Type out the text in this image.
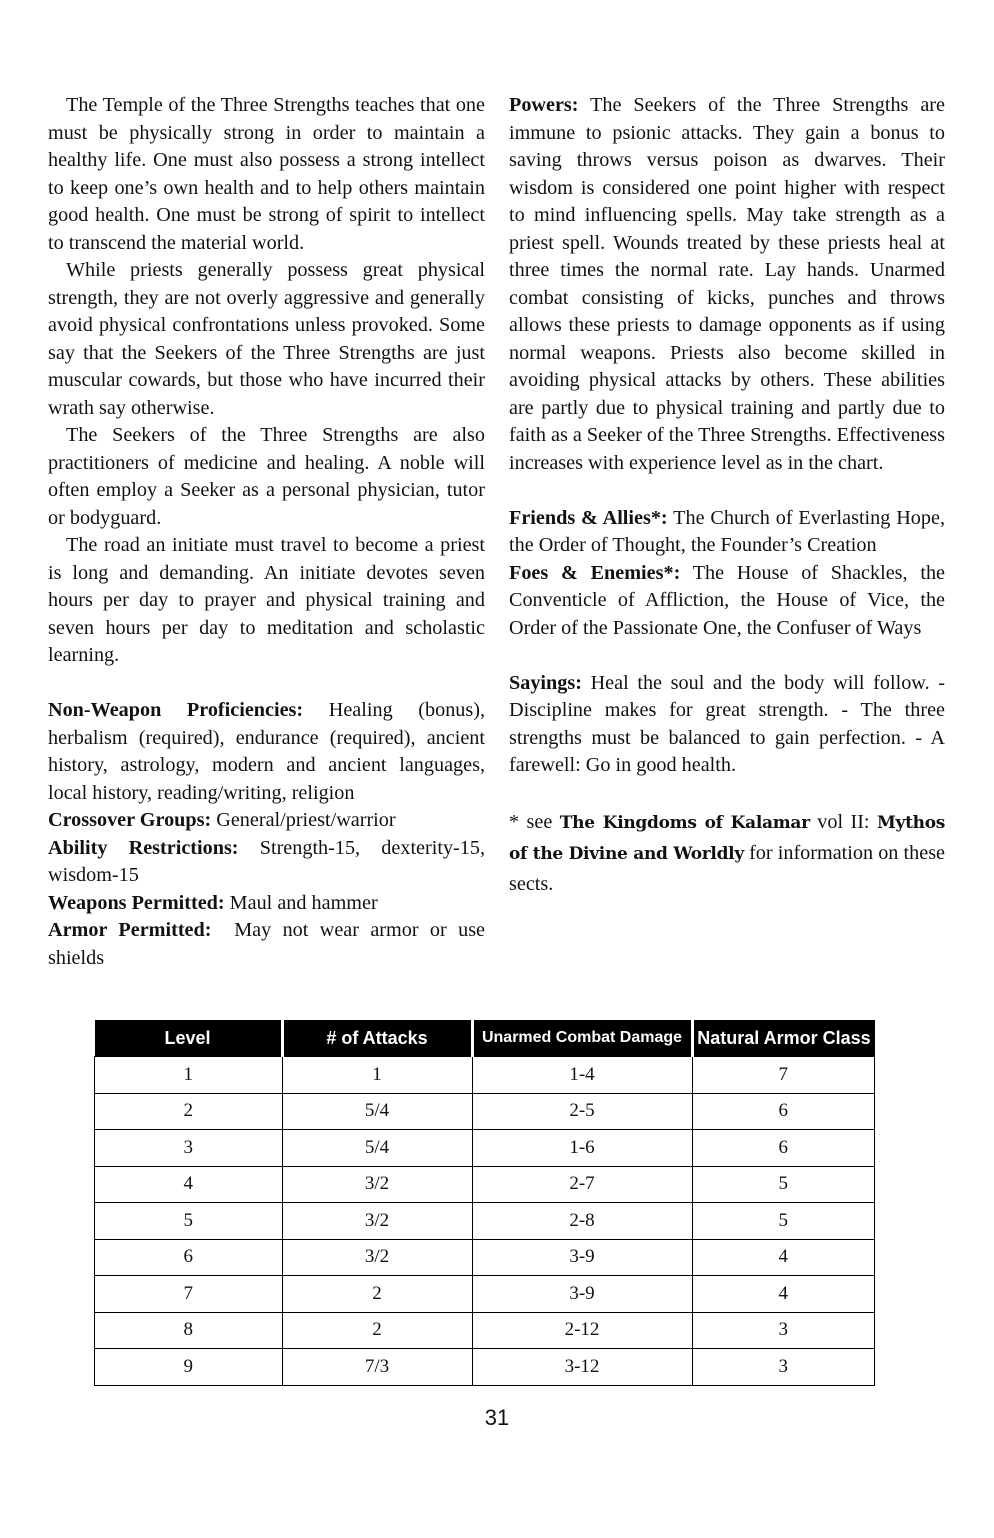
The Temple of the Three Strengths teaches that one must be physically strong in order to maintain a healthy life. One must also possess a strong intellect to keep one’s own health and to help others maintain good health. One must be strong of spirit to intellect to transcend the material world.

While priests generally possess great physical strength, they are not overly aggressive and generally avoid physical confrontations unless provoked. Some say that the Seekers of the Three Strengths are just muscular cowards, but those who have incurred their wrath say otherwise.

The Seekers of the Three Strengths are also practitioners of medicine and healing. A noble will often employ a Seeker as a personal physician, tutor or bodyguard.

The road an initiate must travel to become a priest is long and demanding. An initiate devotes seven hours per day to prayer and physical training and seven hours per day to meditation and scholastic learning.

Non-Weapon Proficiencies: Healing (bonus), herbalism (required), endurance (required), ancient history, astrology, modern and ancient languages, local history, reading/writing, religion

Crossover Groups: General/priest/warrior

Ability Restrictions: Strength-15, dexterity-15, wisdom-15

Weapons Permitted: Maul and hammer

Armor Permitted: May not wear armor or use shields

Powers: The Seekers of the Three Strengths are immune to psionic attacks. They gain a bonus to saving throws versus poison as dwarves. Their wisdom is considered one point higher with respect to mind influencing spells. May take strength as a priest spell. Wounds treated by these priests heal at three times the normal rate. Lay hands. Unarmed combat consisting of kicks, punches and throws allows these priests to damage opponents as if using normal weapons. Priests also become skilled in avoiding physical attacks by others. These abilities are partly due to physical training and partly due to faith as a Seeker of the Three Strengths. Effectiveness increases with experience level as in the chart.

Friends & Allies*: The Church of Everlasting Hope, the Order of Thought, the Founder’s Creation

Foes & Enemies*: The House of Shackles, the Conventicle of Affliction, the House of Vice, the Order of the Passionate One, the Confuser of Ways

Sayings: Heal the soul and the body will follow. - Discipline makes for great strength. - The three strengths must be balanced to gain perfection. - A farewell: Go in good health.

* see The Kingdoms of Kalamar vol II: Mythos of the Divine and Worldly for information on these sects.

Level	# of Attacks	Unarmed Combat Damage	Natural Armor Class
1	1	1-4	7
2	5/4	2-5	6
3	5/4	1-6	6
4	3/2	2-7	5
5	3/2	2-8	5
6	3/2	3-9	4
7	2	3-9	4
8	2	2-12	3
9	7/3	3-12	3
31
